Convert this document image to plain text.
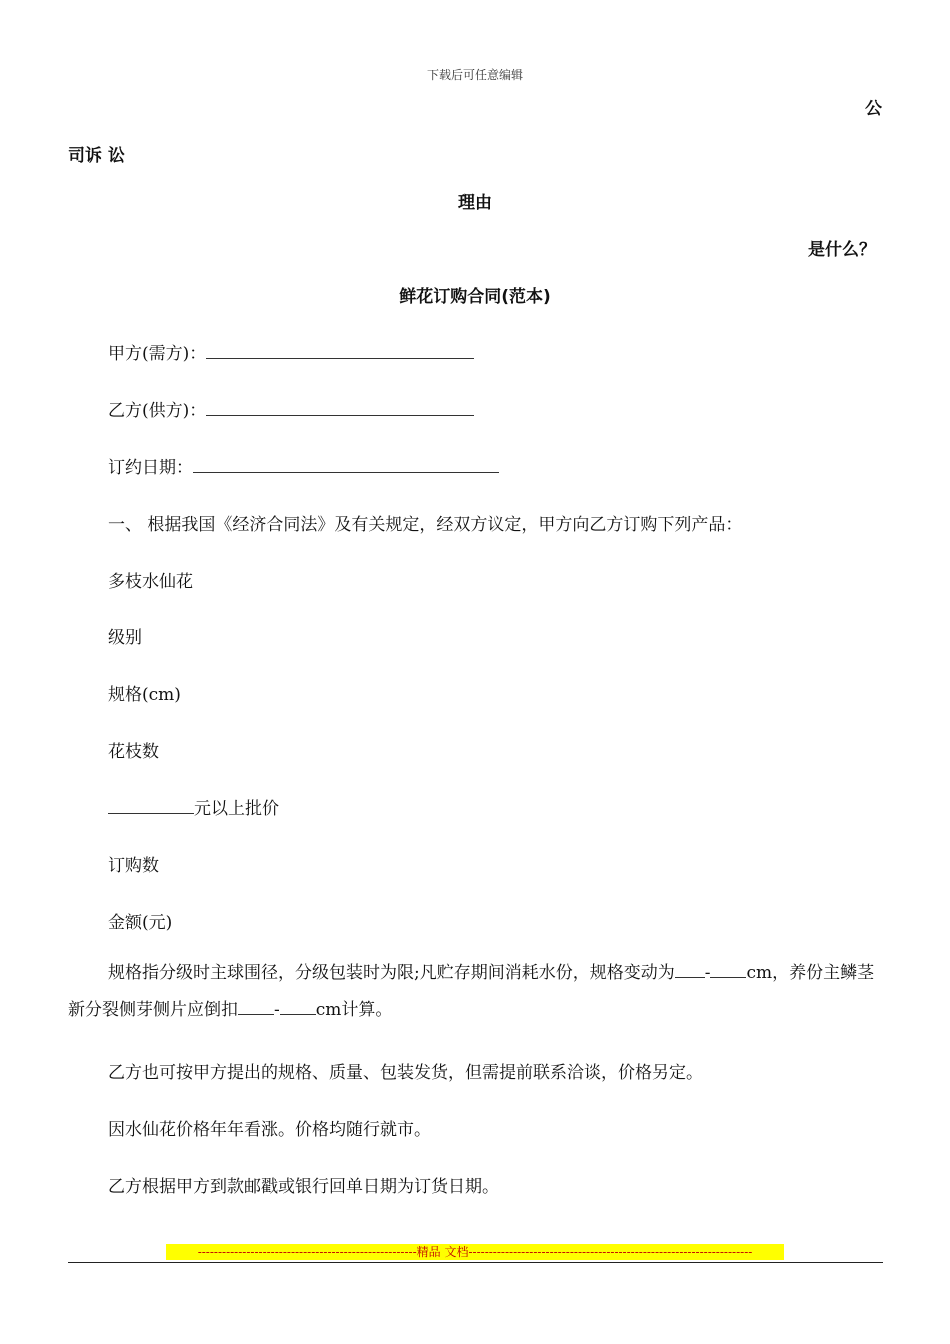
下载后可任意编辑
公
司诉 讼
理由
是什么？
鲜花订购合同(范本)
甲方(需方)：
乙方(供方)：
订约日期：
一、 根据我国《经济合同法》及有关规定，经双方议定，甲方向乙方订购下列产品：
多枝水仙花
级别
规格(cm)
花枝数
元以上批价
订购数
金额(元)
规格指分级时主球围径，分级包装时为限;凡贮存期间消耗水份，规格变动为 - cm，养份主鳞茎新分裂侧芽侧片应倒扣 - cm计算。
乙方也可按甲方提出的规格、质量、包装发货，但需提前联系洽谈，价格另定。
因水仙花价格年年看涨。价格均随行就市。
乙方根据甲方到款邮戳或银行回单日期为订货日期。
------------------------------------------------------精品 文档----------------------------------------------------------------------
